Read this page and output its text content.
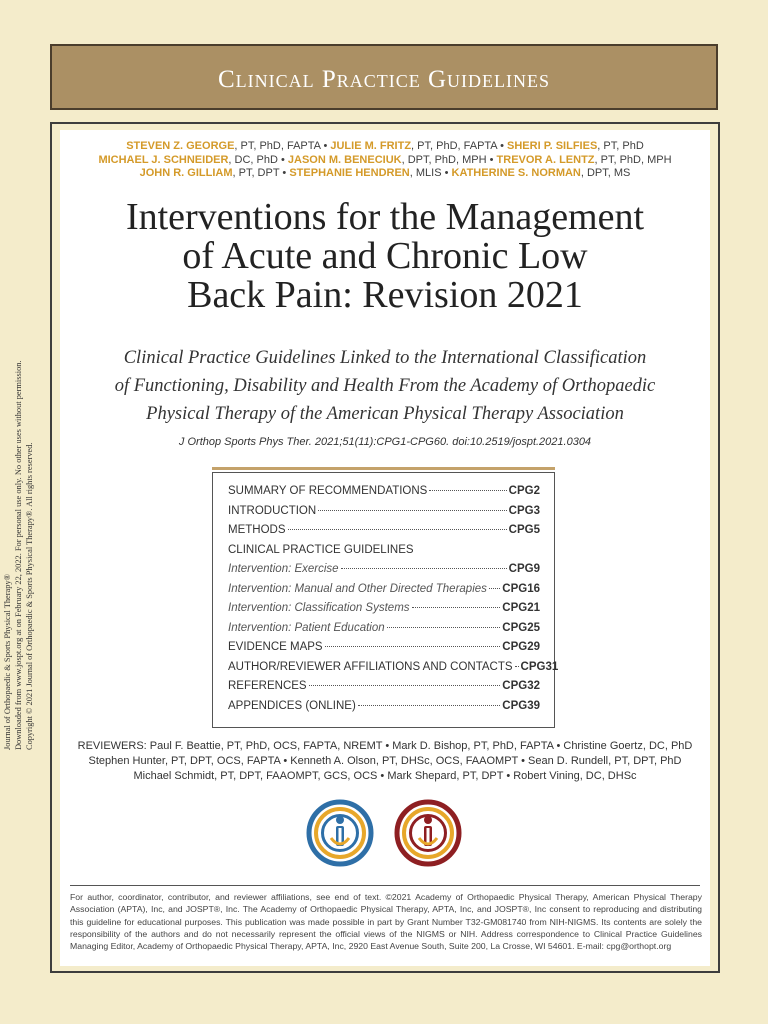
Clinical Practice Guidelines
Journal of Orthopaedic & Sports Physical Therapy® Downloaded from www.jospt.org at on February 22, 2022. For personal use only. No other uses without permission. Copyright © 2021 Journal of Orthopaedic & Sports Physical Therapy®. All rights reserved.
STEVEN Z. GEORGE, PT, PhD, FAPTA • JULIE M. FRITZ, PT, PhD, FAPTA • SHERI P. SILFIES, PT, PhD
MICHAEL J. SCHNEIDER, DC, PhD • JASON M. BENECIUK, DPT, PhD, MPH • TREVOR A. LENTZ, PT, PhD, MPH
JOHN R. GILLIAM, PT, DPT • STEPHANIE HENDREN, MLIS • KATHERINE S. NORMAN, DPT, MS
Interventions for the Management
of Acute and Chronic Low
Back Pain: Revision 2021
Clinical Practice Guidelines Linked to the International Classification
of Functioning, Disability and Health From the Academy of Orthopaedic
Physical Therapy of the American Physical Therapy Association
J Orthop Sports Phys Ther. 2021;51(11):CPG1-CPG60. doi:10.2519/jospt.2021.0304
SUMMARY OF RECOMMENDATIONS	CPG2
INTRODUCTION	CPG3
METHODS	CPG5
CLINICAL PRACTICE GUIDELINES
Intervention: Exercise	CPG9
Intervention: Manual and Other Directed Therapies CPG16
Intervention: Classification Systems	CPG21
Intervention: Patient Education	CPG25
EVIDENCE MAPS	CPG29
AUTHOR/REVIEWER AFFILIATIONS AND CONTACTS CPG31
REFERENCES	CPG32
APPENDICES (ONLINE)	CPG39
REVIEWERS: Paul F. Beattie, PT, PhD, OCS, FAPTA, NREMT • Mark D. Bishop, PT, PhD, FAPTA • Christine Goertz, DC, PhD
Stephen Hunter, PT, DPT, OCS, FAPTA • Kenneth A. Olson, PT, DHSc, OCS, FAAOMPT • Sean D. Rundell, PT, DPT, PhD
Michael Schmidt, PT, DPT, FAAOMPT, GCS, OCS • Mark Shepard, PT, DPT • Robert Vining, DC, DHSc
For author, coordinator, contributor, and reviewer affiliations, see end of text. ©2021 Academy of Orthopaedic Physical Therapy, American Physical Therapy Association (APTA), Inc, and JOSPT®, Inc. The Academy of Orthopaedic Physical Therapy, APTA, Inc, and JOSPT®, Inc consent to reproducing and distributing this guideline for educational purposes. This publication was made possible in part by Grant Number T32-GM081740 from NIH-NIGMS. Its contents are solely the responsibility of the authors and do not necessarily represent the official views of the NIGMS or NIH. Address correspondence to Clinical Practice Guidelines Managing Editor, Academy of Orthopaedic Physical Therapy, APTA, Inc, 2920 East Avenue South, Suite 200, La Crosse, WI 54601. E-mail: cpg@orthopt.org
